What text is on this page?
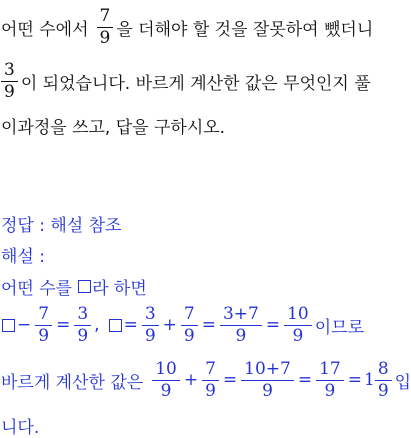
어떤 수에서 $\frac{7}{9}$ 을 더해야 할 것을 잘못하여 뺐더니
$\frac{3}{9}$ 이 되었습니다. 바르게 계산한 값은 무엇인지 풀
이과정을 쓰고, 답을 구하시오.
정답 : 해설 참조
해설 :
어떤 수를 라 하면
− $\frac{7}{9} = \frac{3}{9}$ , = $\frac{3}{9} + \frac{7}{9} = \frac{3+7}{9} = \frac{10}{9}$ 이므로
바르게 계산한 값은 $\frac{10}{9} + \frac{7}{9} = \frac{10+7}{9} = \frac{17}{9} = 1 \frac{8}{9}$ 입
니다.
